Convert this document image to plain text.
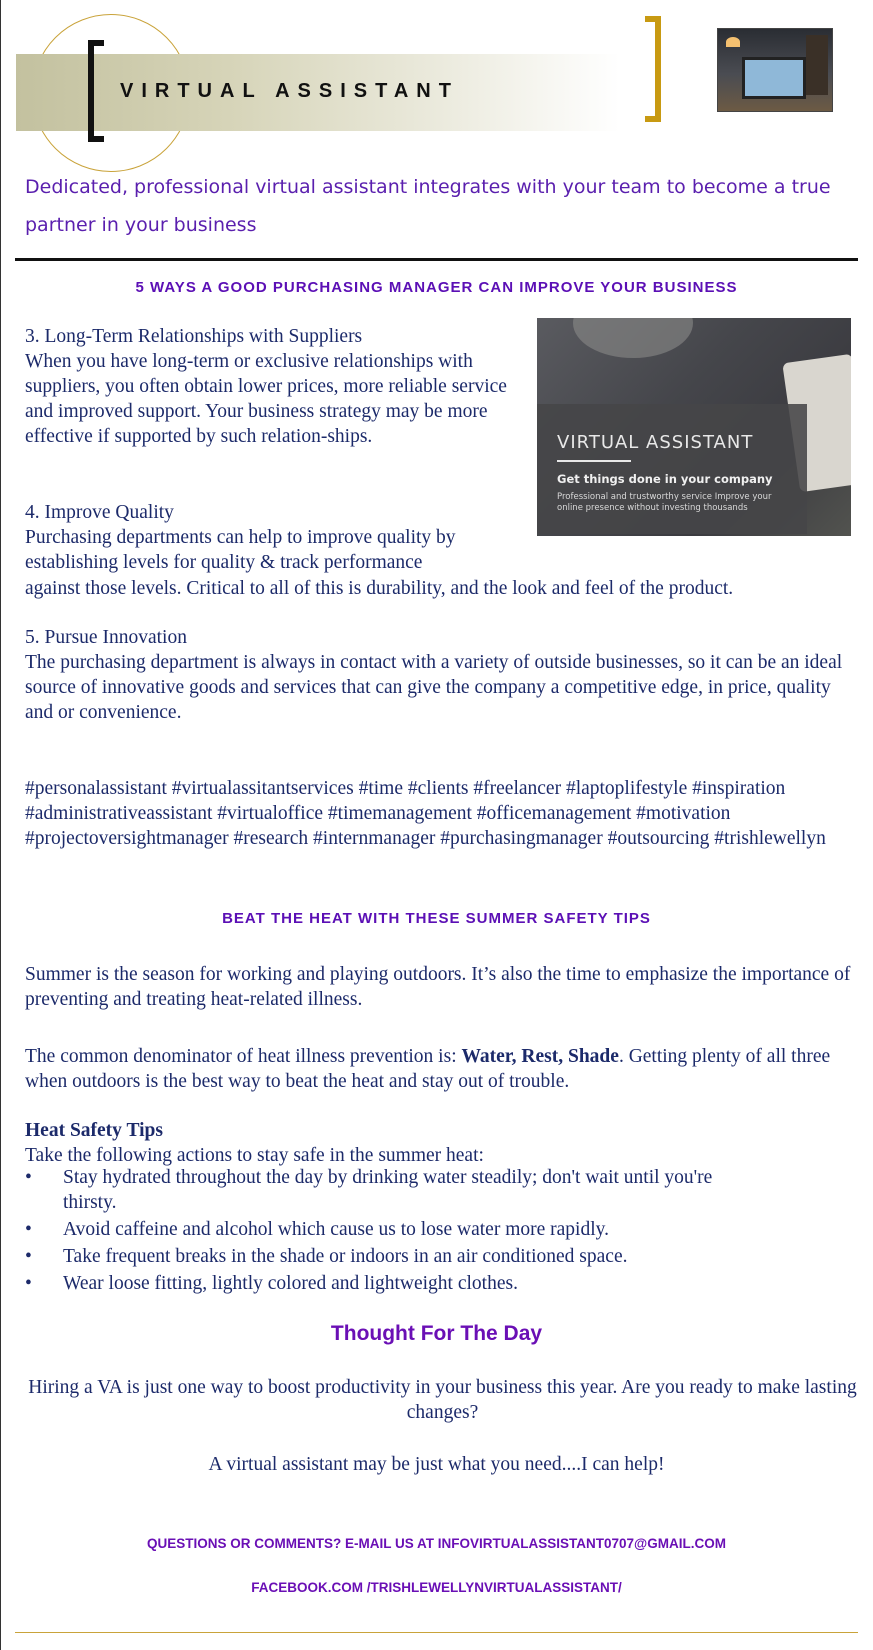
VIRTUAL ASSISTANT

Dedicated, professional virtual assistant integrates with your team to become a true partner in your business

5 WAYS A GOOD PURCHASING MANAGER CAN IMPROVE YOUR BUSINESS

VIRTUAL ASSISTANT

Get things done in your company

Professional and trustworthy service Improve your online presence without investing thousands

3. Long-Term Relationships with Suppliers

When you have long-term or exclusive relationships with suppliers, you often obtain lower prices, more reliable service and improved support. Your business strategy may be more effective if supported by such relation-ships.

4. Improve Quality

Purchasing departments can help to improve quality by establishing levels for quality & track performance

against those levels. Critical to all of this is durability, and the look and feel of the product.

5. Pursue Innovation

The purchasing department is always in contact with a variety of outside businesses, so it can be an ideal source of innovative goods and services that can give the company a competitive edge, in price, quality and or convenience.

#personalassistant #virtualassitantservices #time #clients #freelancer #laptoplifestyle #inspiration #administrativeassistant #virtualoffice #timemanagement #officemanagement #motivation #projectoversightmanager #research #internmanager #purchasingmanager #outsourcing #trishlewellyn

BEAT THE HEAT WITH THESE SUMMER SAFETY TIPS

Summer is the season for working and playing outdoors. It’s also the time to emphasize the importance of preventing and treating heat-related illness.

The common denominator of heat illness prevention is: Water, Rest, Shade. Getting plenty of all three when outdoors is the best way to beat the heat and stay out of trouble.

Heat Safety Tips

Take the following actions to stay safe in the summer heat:

•	Stay hydrated throughout the day by drinking water steadily; don't wait until you're thirsty.

•	Avoid caffeine and alcohol which cause us to lose water more rapidly.

•	Take frequent breaks in the shade or indoors in an air conditioned space.

•	Wear loose fitting, lightly colored and lightweight clothes.

Thought For The Day

Hiring a VA is just one way to boost productivity in your business this year. Are you ready to make lasting changes?

A virtual assistant may be just what you need....I can help!

QUESTIONS OR COMMENTS? E-MAIL US AT INFOVIRTUALASSISTANT0707@GMAIL.COM

FACEBOOK.COM /TRISHLEWELLYNVIRTUALASSISTANT/
